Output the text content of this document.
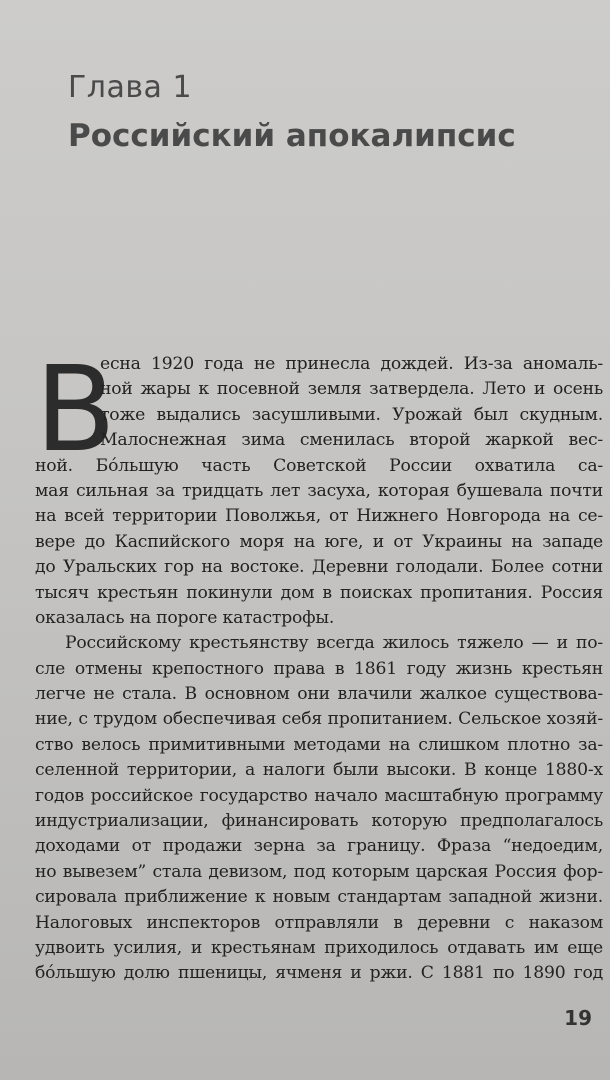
Глава 1
Российский апокалипсис
В
есна 1920 года не принесла дождей. Из-за аномаль-
ной жары к посевной земля затвердела. Лето и осень
тоже выдались засушливыми. Урожай был скудным.
Малоснежная зима сменилась второй жаркой вес-
ной. Бóльшую часть Советской России охватила са-
мая сильная за тридцать лет засуха, которая бушевала почти
на всей территории Поволжья, от Нижнего Новгорода на се-
вере до Каспийского моря на юге, и от Украины на западе
до Уральских гор на востоке. Деревни голодали. Более сотни
тысяч крестьян покинули дом в поисках пропитания. Россия
оказалась на пороге катастрофы.
Российскому крестьянству всегда жилось тяжело — и по-
сле отмены крепостного права в 1861 году жизнь крестьян
легче не стала. В основном они влачили жалкое существова-
ние, с трудом обеспечивая себя пропитанием. Сельское хозяй-
ство велось примитивными методами на слишком плотно за-
селенной территории, а налоги были высоки. В конце 1880-х
годов российское государство начало масштабную программу
индустриализации, финансировать которую предполагалось
доходами от продажи зерна за границу. Фраза “недоедим,
но вывезем” стала девизом, под которым царская Россия фор-
сировала приближение к новым стандартам западной жизни.
Налоговых инспекторов отправляли в деревни с наказом
удвоить усилия, и крестьянам приходилось отдавать им еще
бóльшую долю пшеницы, ячменя и ржи. С 1881 по 1890 год
19
